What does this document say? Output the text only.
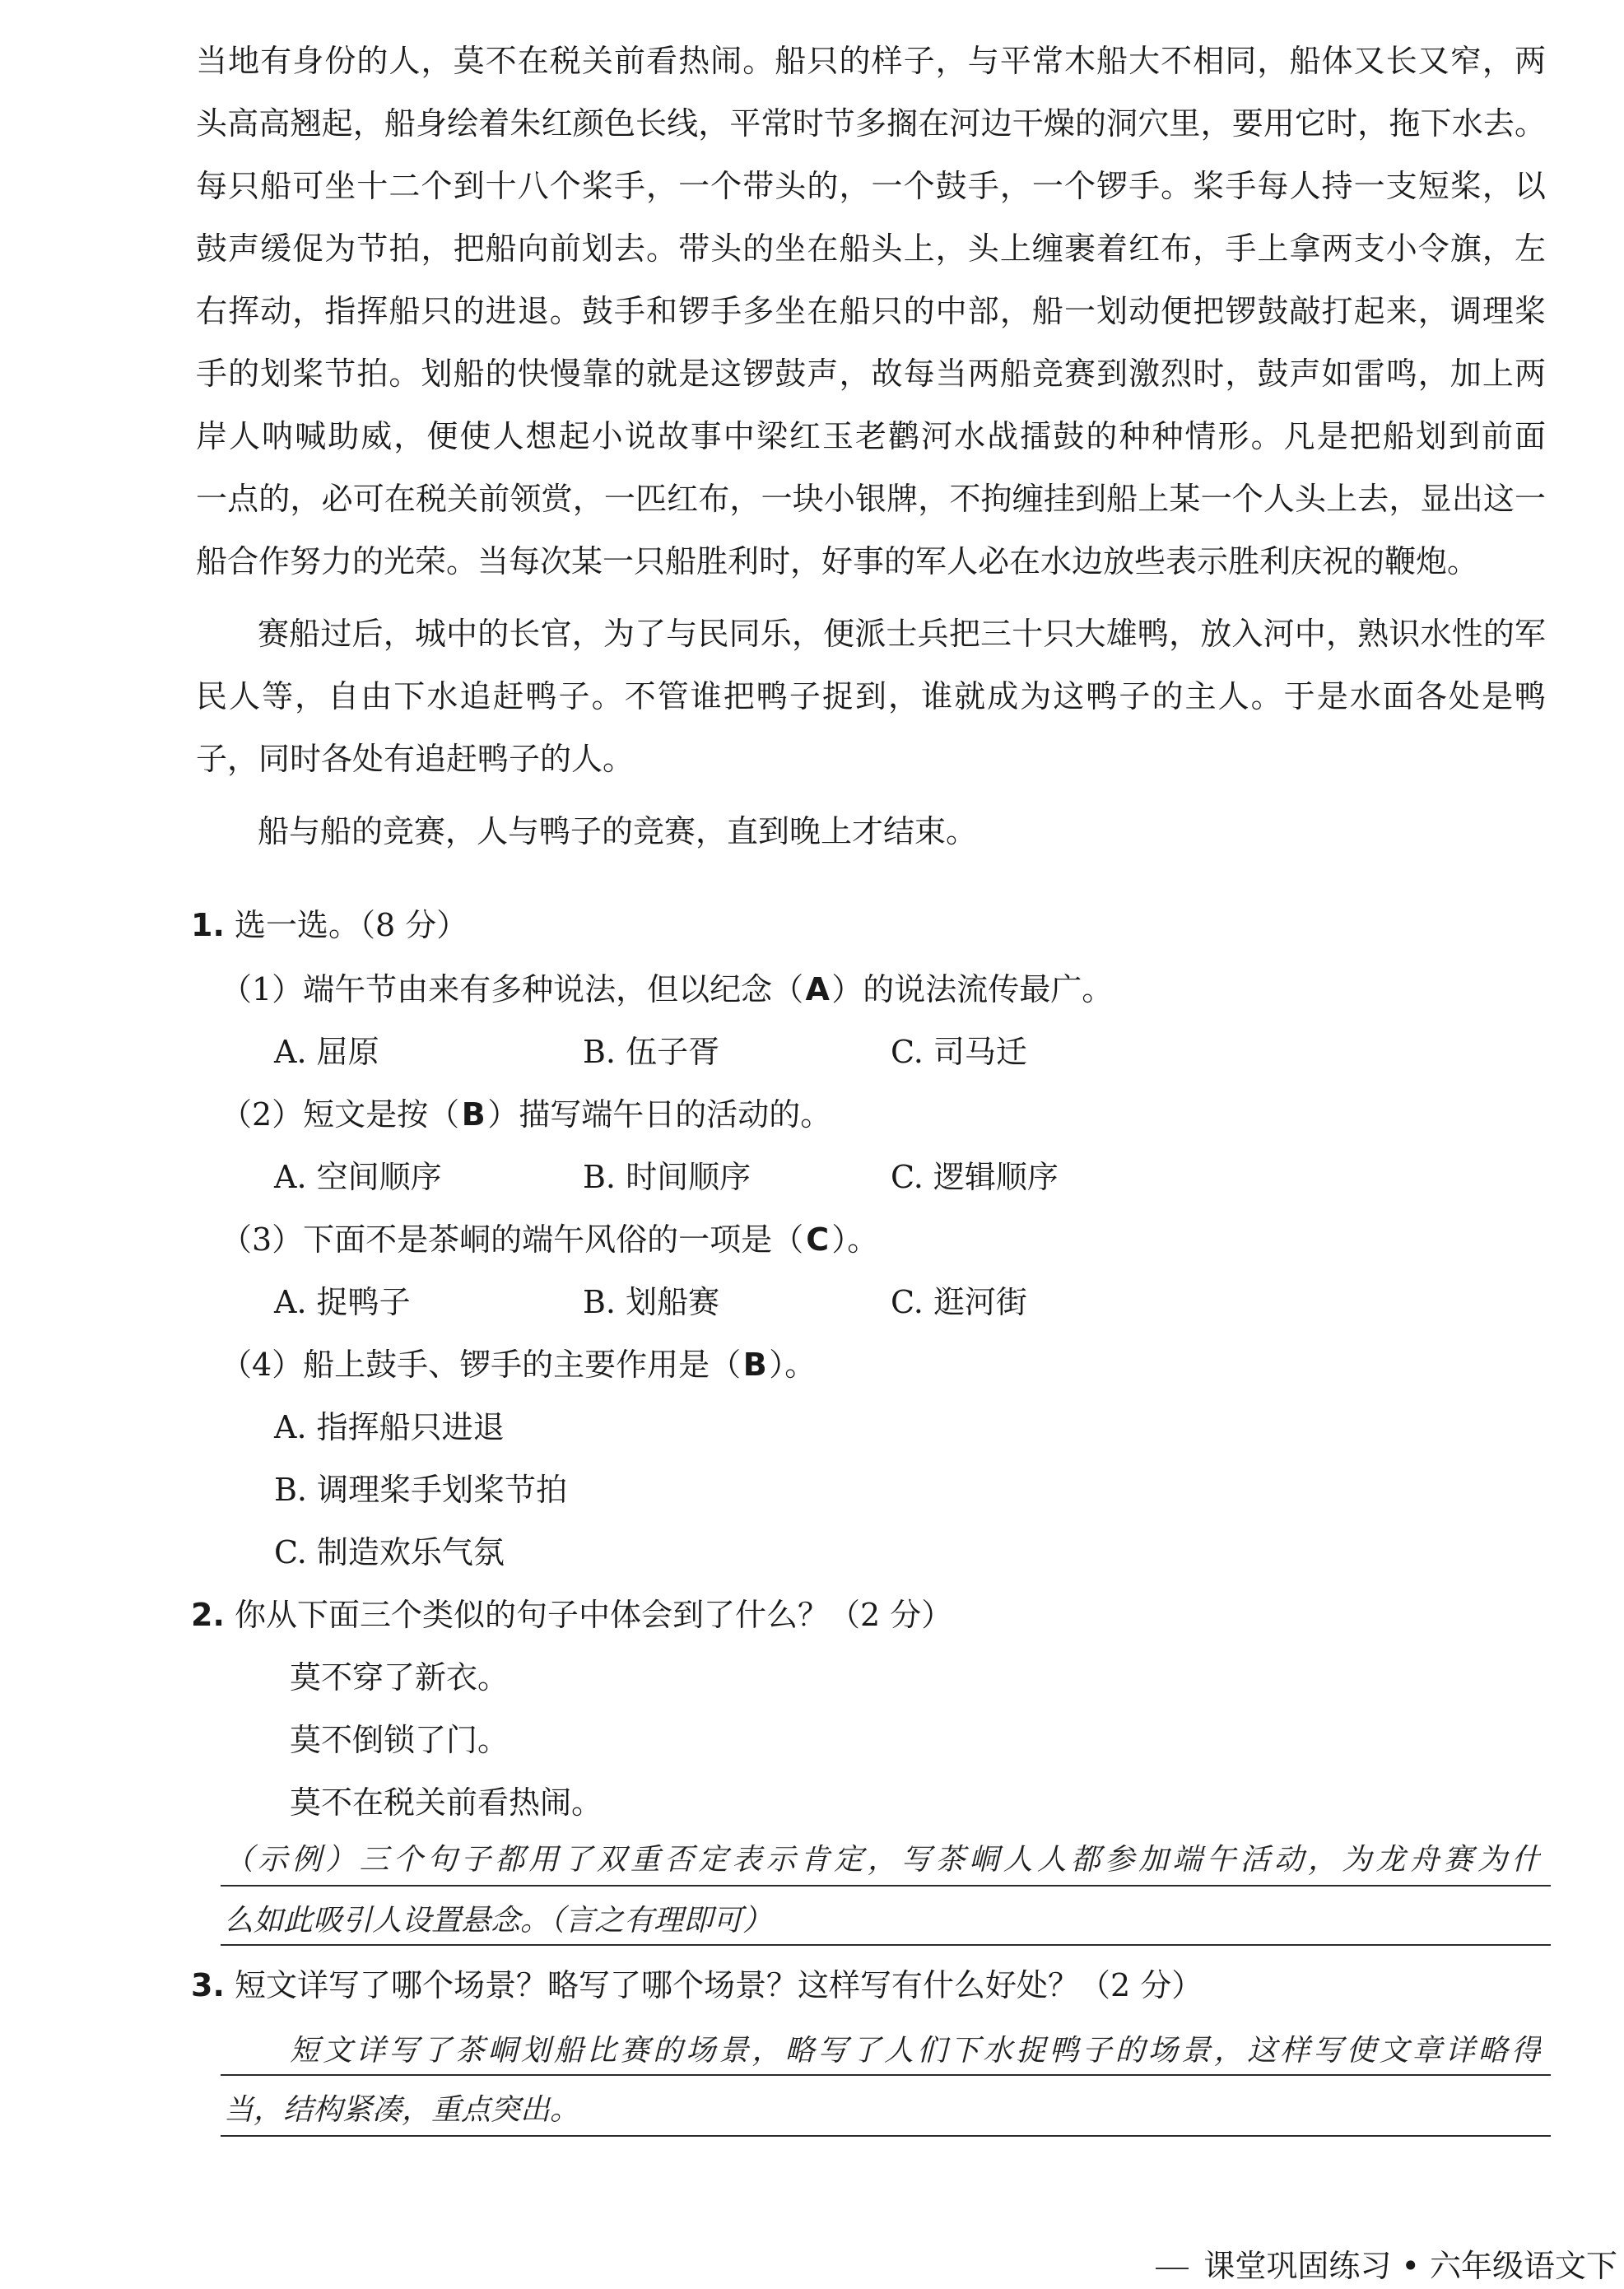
当地有身份的人，莫不在税关前看热闹。船只的样子，与平常木船大不相同，船体又长又窄，两
头高高翘起，船身绘着朱红颜色长线，平常时节多搁在河边干燥的洞穴里，要用它时，拖下水去。
每只船可坐十二个到十八个桨手，一个带头的，一个鼓手，一个锣手。桨手每人持一支短桨，以
鼓声缓促为节拍，把船向前划去。带头的坐在船头上，头上缠裹着红布，手上拿两支小令旗，左
右挥动，指挥船只的进退。鼓手和锣手多坐在船只的中部，船一划动便把锣鼓敲打起来，调理桨
手的划桨节拍。划船的快慢靠的就是这锣鼓声，故每当两船竞赛到激烈时，鼓声如雷鸣，加上两
岸人呐喊助威，便使人想起小说故事中梁红玉老鹳河水战擂鼓的种种情形。凡是把船划到前面
一点的，必可在税关前领赏，一匹红布，一块小银牌，不拘缠挂到船上某一个人头上去，显出这一
船合作努力的光荣。当每次某一只船胜利时，好事的军人必在水边放些表示胜利庆祝的鞭炮。
赛船过后，城中的长官，为了与民同乐，便派士兵把三十只大雄鸭，放入河中，熟识水性的军
民人等，自由下水追赶鸭子。不管谁把鸭子捉到，谁就成为这鸭子的主人。于是水面各处是鸭
子，同时各处有追赶鸭子的人。
船与船的竞赛，人与鸭子的竞赛，直到晚上才结束。
1. 选一选。（8 分）
（1）端午节由来有多种说法，但以纪念（A）的说法流传最广。
A. 屈原	B. 伍子胥	C. 司马迁
（2）短文是按（B）描写端午日的活动的。
A. 空间顺序	B. 时间顺序	C. 逻辑顺序
（3）下面不是茶峒的端午风俗的一项是（C）。
A. 捉鸭子	B. 划船赛	C. 逛河街
（4）船上鼓手、锣手的主要作用是（B）。
A. 指挥船只进退
B. 调理桨手划桨节拍
C. 制造欢乐气氛
2. 你从下面三个类似的句子中体会到了什么？（2 分）
莫不穿了新衣。
莫不倒锁了门。
莫不在税关前看热闹。
（示例）三个句子都用了双重否定表示肯定，写茶峒人人都参加端午活动，为龙舟赛为什
么如此吸引人设置悬念。（言之有理即可）
3. 短文详写了哪个场景？略写了哪个场景？这样写有什么好处？（2 分）
短文详写了茶峒划船比赛的场景，略写了人们下水捉鸭子的场景，这样写使文章详略得
当，结构紧凑，重点突出。
课堂巩固练习 • 六年级语文下
